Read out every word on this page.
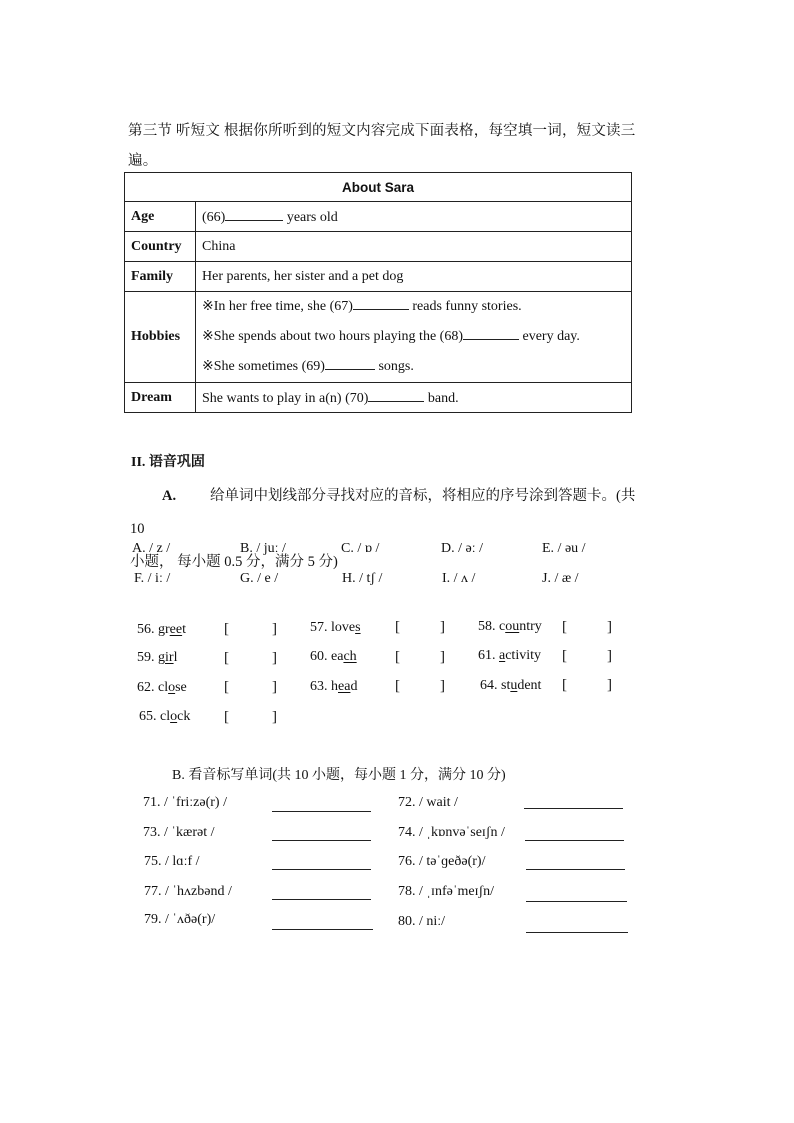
第三节 听短文 根据你所听到的短文内容完成下面表格，每空填一词，短文读三
遍。
About Sara	
Age	(66) years old
Country	China
Family	Her parents, her sister and a pet dog
Hobbies	※In her free time, she (67) reads funny stories.
※She spends about two hours playing the (68) every day.
※She sometimes (69) songs.

Dream	She wants to play in a(n) (70) band.
II. 语音巩固
A. 给单词中划线部分寻找对应的音标，将相应的序号涂到答题卡。(共 10
小题， 每小题 0.5 分，满分 5 分)
A. / z /	B. / juː /	C. / ɒ /	D. / əː /	E. / əu /
F. / iː /	G. / e /	H. / tʃ /	I. / ʌ /	J. / æ /
56. greet	[	] 57. loves [	] 58. country [	]
59. girl	[	] 60. each	[	] 61. activity [	]
62. close [	] 63. head	[	]	64. student [	]
65. clock [	]
B. 看音标写单词(共 10 小题，每小题 1 分，满分 10 分)
71. / ˈfriːzə(r) /	72. / wait /
73. / ˈkærət /	74. / ˌkɒnvəˈseɪʃn /
75. / lɑːf /	76. / təˈɡeðə(r)/
77. / ˈhʌzbənd /	78. / ˌɪnfəˈmeɪʃn/
79. / ˈʌðə(r)/	80. / niː/
